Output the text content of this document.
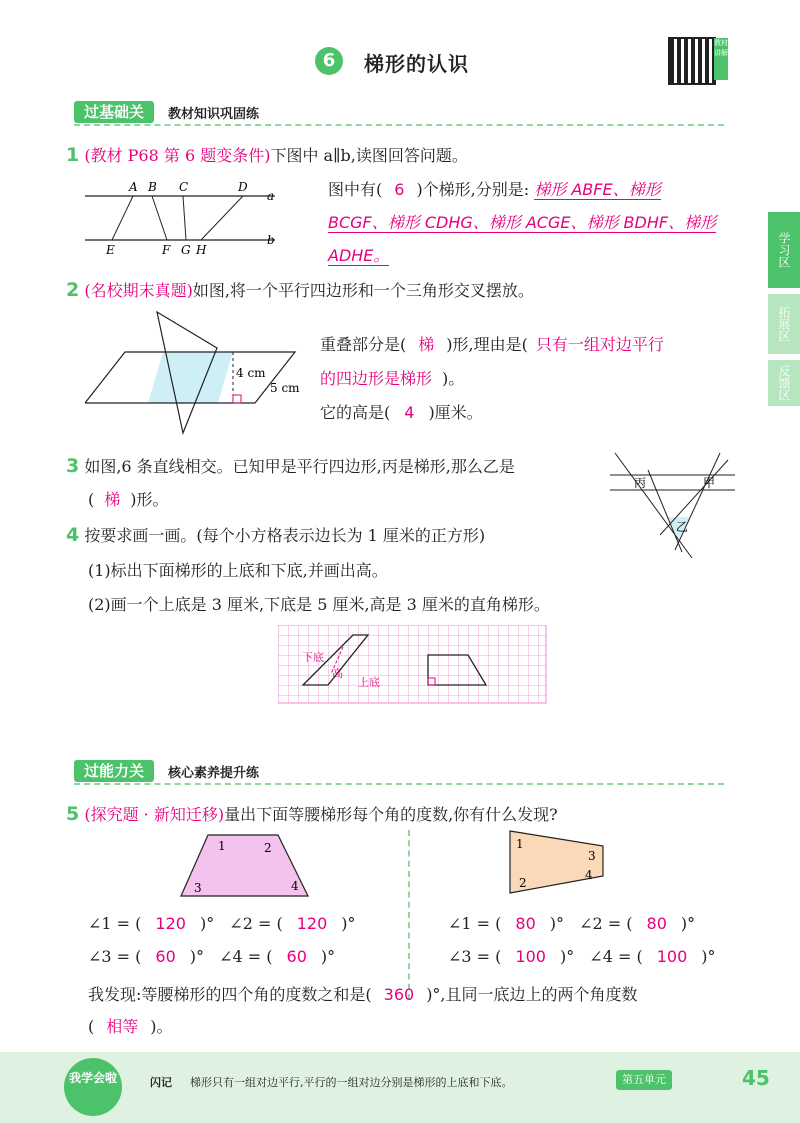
6	梯形的认识
教材讲解
学习区
拓展区
反馈区
过基础关	教材知识巩固练
1 (教材 P68 第 6 题变条件)下图中 a∥b,读图回答问题。
A B C	D
a
E	F G H
b
图中有( 6 )个梯形,分别是: 梯形 ABFE、梯形
BCGF、梯形 CDHG、梯形 ACGE、梯形 BDHF、梯形
ADHE。
2 (名校期末真题)如图,将一个平行四边形和一个三角形交叉摆放。
4 cm
5 cm
重叠部分是( 梯 )形,理由是( 只有一组对边平行
的四边形是梯形 )。
它的高是( 4 )厘米。
3 如图,6 条直线相交。已知甲是平行四边形,丙是梯形,那么乙是
( 梯 )形。
丙	甲
乙
4 按要求画一画。(每个小方格表示边长为 1 厘米的正方形)
(1)标出下面梯形的上底和下底,并画出高。
(2)画一个上底是 3 厘米,下底是 5 厘米,高是 3 厘米的直角梯形。
下底
高
上底
过能力关	核心素养提升练
5 (探究题 · 新知迁移)量出下面等腰梯形每个角的度数,你有什么发现?
1	2
3	4
1
3
4
2
∠1 = ( 120 )° ∠2 = ( 120 )°
∠3 = ( 60 )° ∠4 = ( 60 )°
∠1 = ( 80 )° ∠2 = ( 80 )°
∠3 = ( 100 )° ∠4 = ( 100 )°
我发现:等腰梯形的四个角的度数之和是( 360 )°,且同一底边上的两个角度数
( 相等 )。
我学会啦	闪记 梯形只有一组对边平行,平行的一组对边分别是梯形的上底和下底。	第五单元	45
